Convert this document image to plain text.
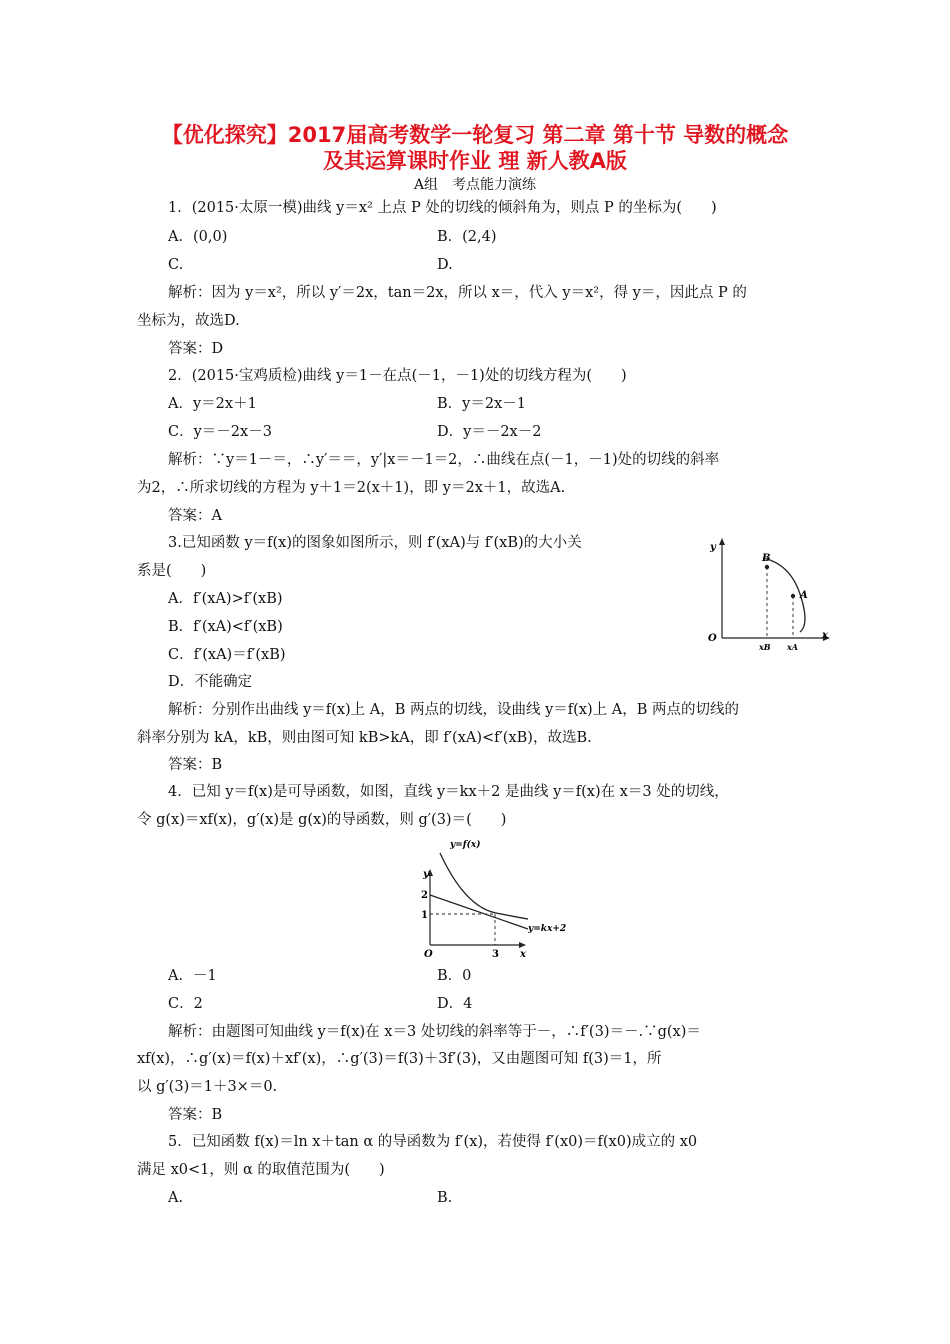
【优化探究】2017届高考数学一轮复习 第二章 第十节 导数的概念
及其运算课时作业 理 新人教A版
A组　考点能力演练
1．(2015·太原一模)曲线 y＝x² 上点 P 处的切线的倾斜角为，则点 P 的坐标为(　　)
A．(0,0)	B．(2,4)
C.	D.
解析：因为 y＝x²，所以 y′＝2x，tan＝2x，所以 x＝，代入 y＝x²，得 y＝，因此点 P 的
坐标为，故选D.
答案：D
2．(2015·宝鸡质检)曲线 y＝1－在点(－1，－1)处的切线方程为(　　)
A．y＝2x＋1	B．y＝2x－1
C．y＝－2x－3	D．y＝－2x－2
解析：∵y＝1－＝，∴y′＝＝，y′|x＝－1＝2，∴曲线在点(－1，－1)处的切线的斜率
为2，∴所求切线的方程为 y＋1＝2(x＋1)，即 y＝2x＋1，故选A.
答案：A
3.已知函数 y＝f(x)的图象如图所示，则 f′(xA)与 f′(xB)的大小关
系是(　　)
A．f′(xA)>f′(xB)
B．f′(xA)<f′(xB)
C．f′(xA)＝f′(xB)
D．不能确定
y
x
O
B
A
xB xA
解析：分别作出曲线 y＝f(x)上 A，B 两点的切线，设曲线 y＝f(x)上 A，B 两点的切线的
斜率分别为 kA，kB，则由图可知 kB>kA，即 f′(xA)<f′(xB)，故选B.
答案：B
4．已知 y＝f(x)是可导函数，如图，直线 y＝kx＋2 是曲线 y＝f(x)在 x＝3 处的切线，
令 g(x)＝xf(x)，g′(x)是 g(x)的导函数，则 g′(3)＝(　　)
y=f(x)
y=kx+2
y
x
O
2
1
3
A．－1	B．0
C．2	D．4
解析：由题图可知曲线 y＝f(x)在 x＝3 处切线的斜率等于－，∴f′(3)＝－.∵g(x)＝
xf(x)，∴g′(x)＝f(x)＋xf′(x)，∴g′(3)＝f(3)＋3f′(3)，又由题图可知 f(3)＝1，所
以 g′(3)＝1＋3×＝0.
答案：B
5．已知函数 f(x)＝ln x＋tan α 的导函数为 f′(x)，若使得 f′(x0)＝f(x0)成立的 x0
满足 x0<1，则 α 的取值范围为(　　)
A.	B.
